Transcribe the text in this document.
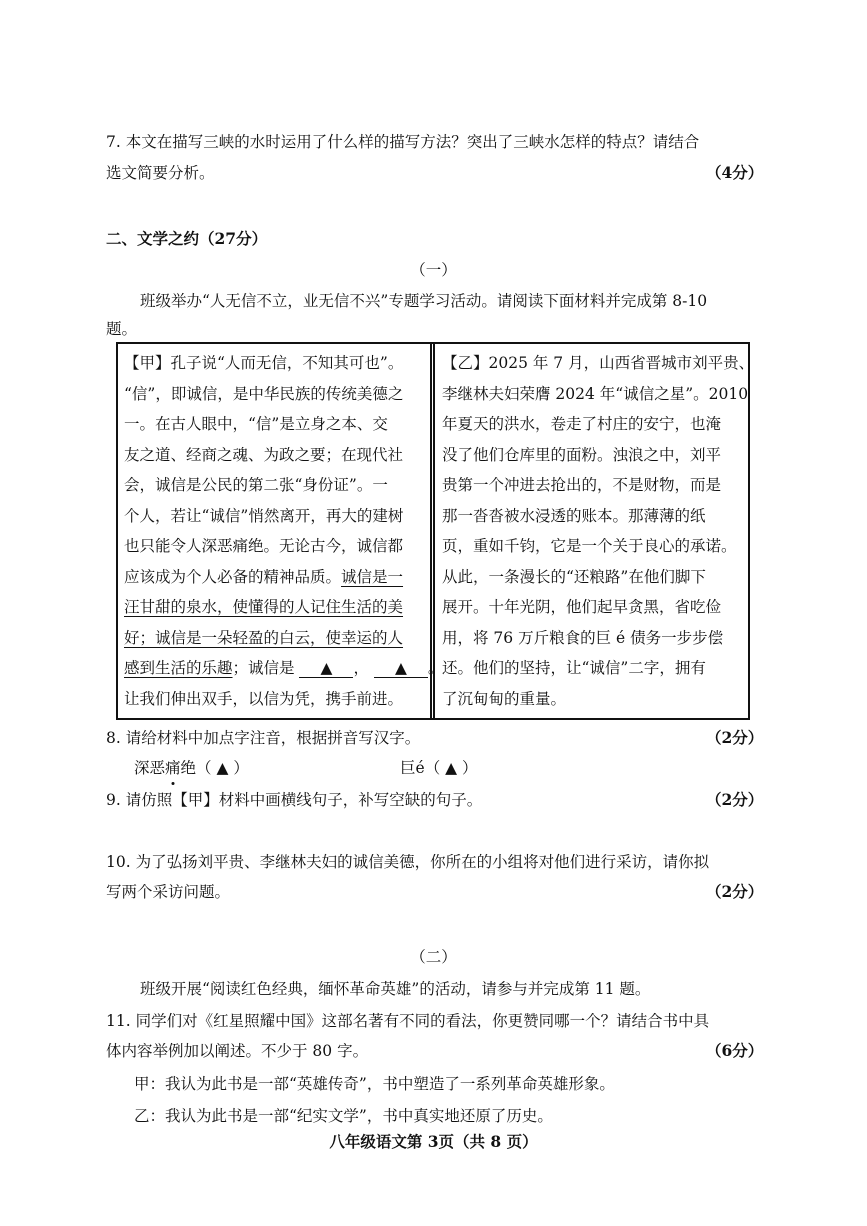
7. 本文在描写三峡的水时运用了什么样的描写方法？突出了三峡水怎样的特点？请结合
选文简要分析。	（4分）
二、文学之约（27分）
（一）
班级举办“人无信不立，业无信不兴”专题学习活动。请阅读下面材料并完成第 8-10
题。
【甲】孔子说“人而无信，不知其可也”。
“信”，即诚信，是中华民族的传统美德之
一。在古人眼中，“信”是立身之本、交
友之道、经商之魂、为政之要；在现代社
会，诚信是公民的第二张“身份证”。一
个人，若让“诚信”悄然离开，再大的建树
也只能令人深恶痛绝。无论古今，诚信都
应该成为个人必备的精神品质。诚信是一
汪甘甜的泉水，使懂得的人记住生活的美
好；诚信是一朵轻盈的白云，使幸运的人
感到生活的乐趣；诚信是 ▲ ， ▲ 。
让我们伸出双手，以信为凭，携手前进。
【乙】2025 年 7 月，山西省晋城市刘平贵、
李继林夫妇荣膺 2024 年“诚信之星”。2010
年夏天的洪水，卷走了村庄的安宁，也淹
没了他们仓库里的面粉。浊浪之中，刘平
贵第一个冲进去抢出的，不是财物，而是
那一沓沓被水浸透的账本。那薄薄的纸
页，重如千钧，它是一个关于良心的承诺。
从此，一条漫长的“还粮路”在他们脚下
展开。十年光阴，他们起早贪黑，省吃俭
用，将 76 万斤粮食的巨 é 债务一步步偿
还。他们的坚持，让“诚信”二字，拥有
了沉甸甸的重量。
8. 请给材料中加点字注音，根据拼音写汉字。	（2分）
深恶痛绝（ ▲ ）	巨é（ ▲ ）
9. 请仿照【甲】材料中画横线句子，补写空缺的句子。	（2分）
10. 为了弘扬刘平贵、李继林夫妇的诚信美德，你所在的小组将对他们进行采访，请你拟
写两个采访问题。	（2分）
（二）
班级开展“阅读红色经典，缅怀革命英雄”的活动，请参与并完成第 11 题。
11. 同学们对《红星照耀中国》这部名著有不同的看法，你更赞同哪一个？请结合书中具
体内容举例加以阐述。不少于 80 字。	（6分）
甲：我认为此书是一部“英雄传奇”，书中塑造了一系列革命英雄形象。
乙：我认为此书是一部“纪实文学”，书中真实地还原了历史。
八年级语文第 3页（共 8 页）
